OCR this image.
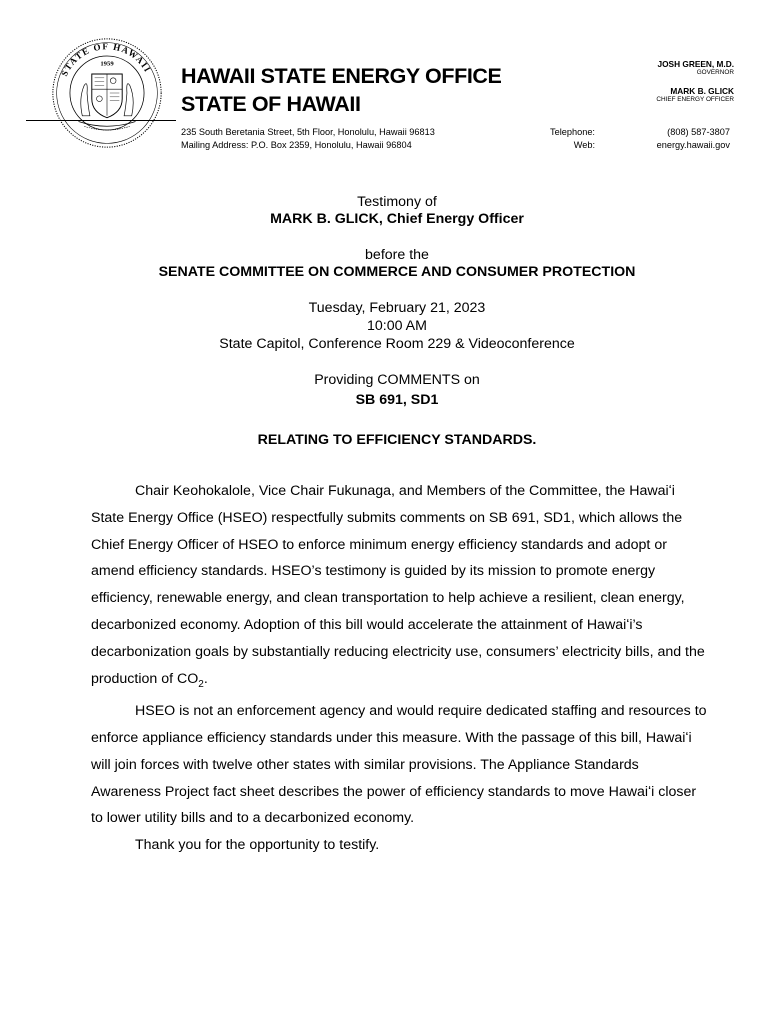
STATE OF HAWAII
1959
HAWAII STATE ENERGY OFFICE
STATE OF HAWAII
JOSH GREEN, M.D.
GOVERNOR
MARK B. GLICK
CHIEF ENERGY OFFICER
235 South Beretania Street, 5th Floor, Honolulu, Hawaii 96813
Mailing Address: P.O. Box 2359, Honolulu, Hawaii 96804
Telephone:
Web:
(808) 587-3807
energy.hawaii.gov
Testimony of
MARK B. GLICK, Chief Energy Officer
before the
SENATE COMMITTEE ON COMMERCE AND CONSUMER PROTECTION
Tuesday, February 21, 2023
10:00 AM
State Capitol, Conference Room 229 & Videoconference
Providing COMMENTS on
SB 691, SD1
RELATING TO EFFICIENCY STANDARDS.

Chair Keohokalole, Vice Chair Fukunaga, and Members of the Committee, the Hawaiʻi State Energy Office (HSEO) respectfully submits comments on SB 691, SD1, which allows the Chief Energy Officer of HSEO to enforce minimum energy efficiency standards and adopt or amend efficiency standards. HSEO’s testimony is guided by its mission to promote energy efficiency, renewable energy, and clean transportation to help achieve a resilient, clean energy, decarbonized economy. Adoption of this bill would accelerate the attainment of Hawaiʻi’s decarbonization goals by substantially reducing electricity use, consumers’ electricity bills, and the production of $CO_2$.

HSEO is not an enforcement agency and would require dedicated staffing and resources to enforce appliance efficiency standards under this measure. With the passage of this bill, Hawaiʻi will join forces with twelve other states with similar provisions. The Appliance Standards Awareness Project fact sheet describes the power of efficiency standards to move Hawaiʻi closer to lower utility bills and to a decarbonized economy.

Thank you for the opportunity to testify.
